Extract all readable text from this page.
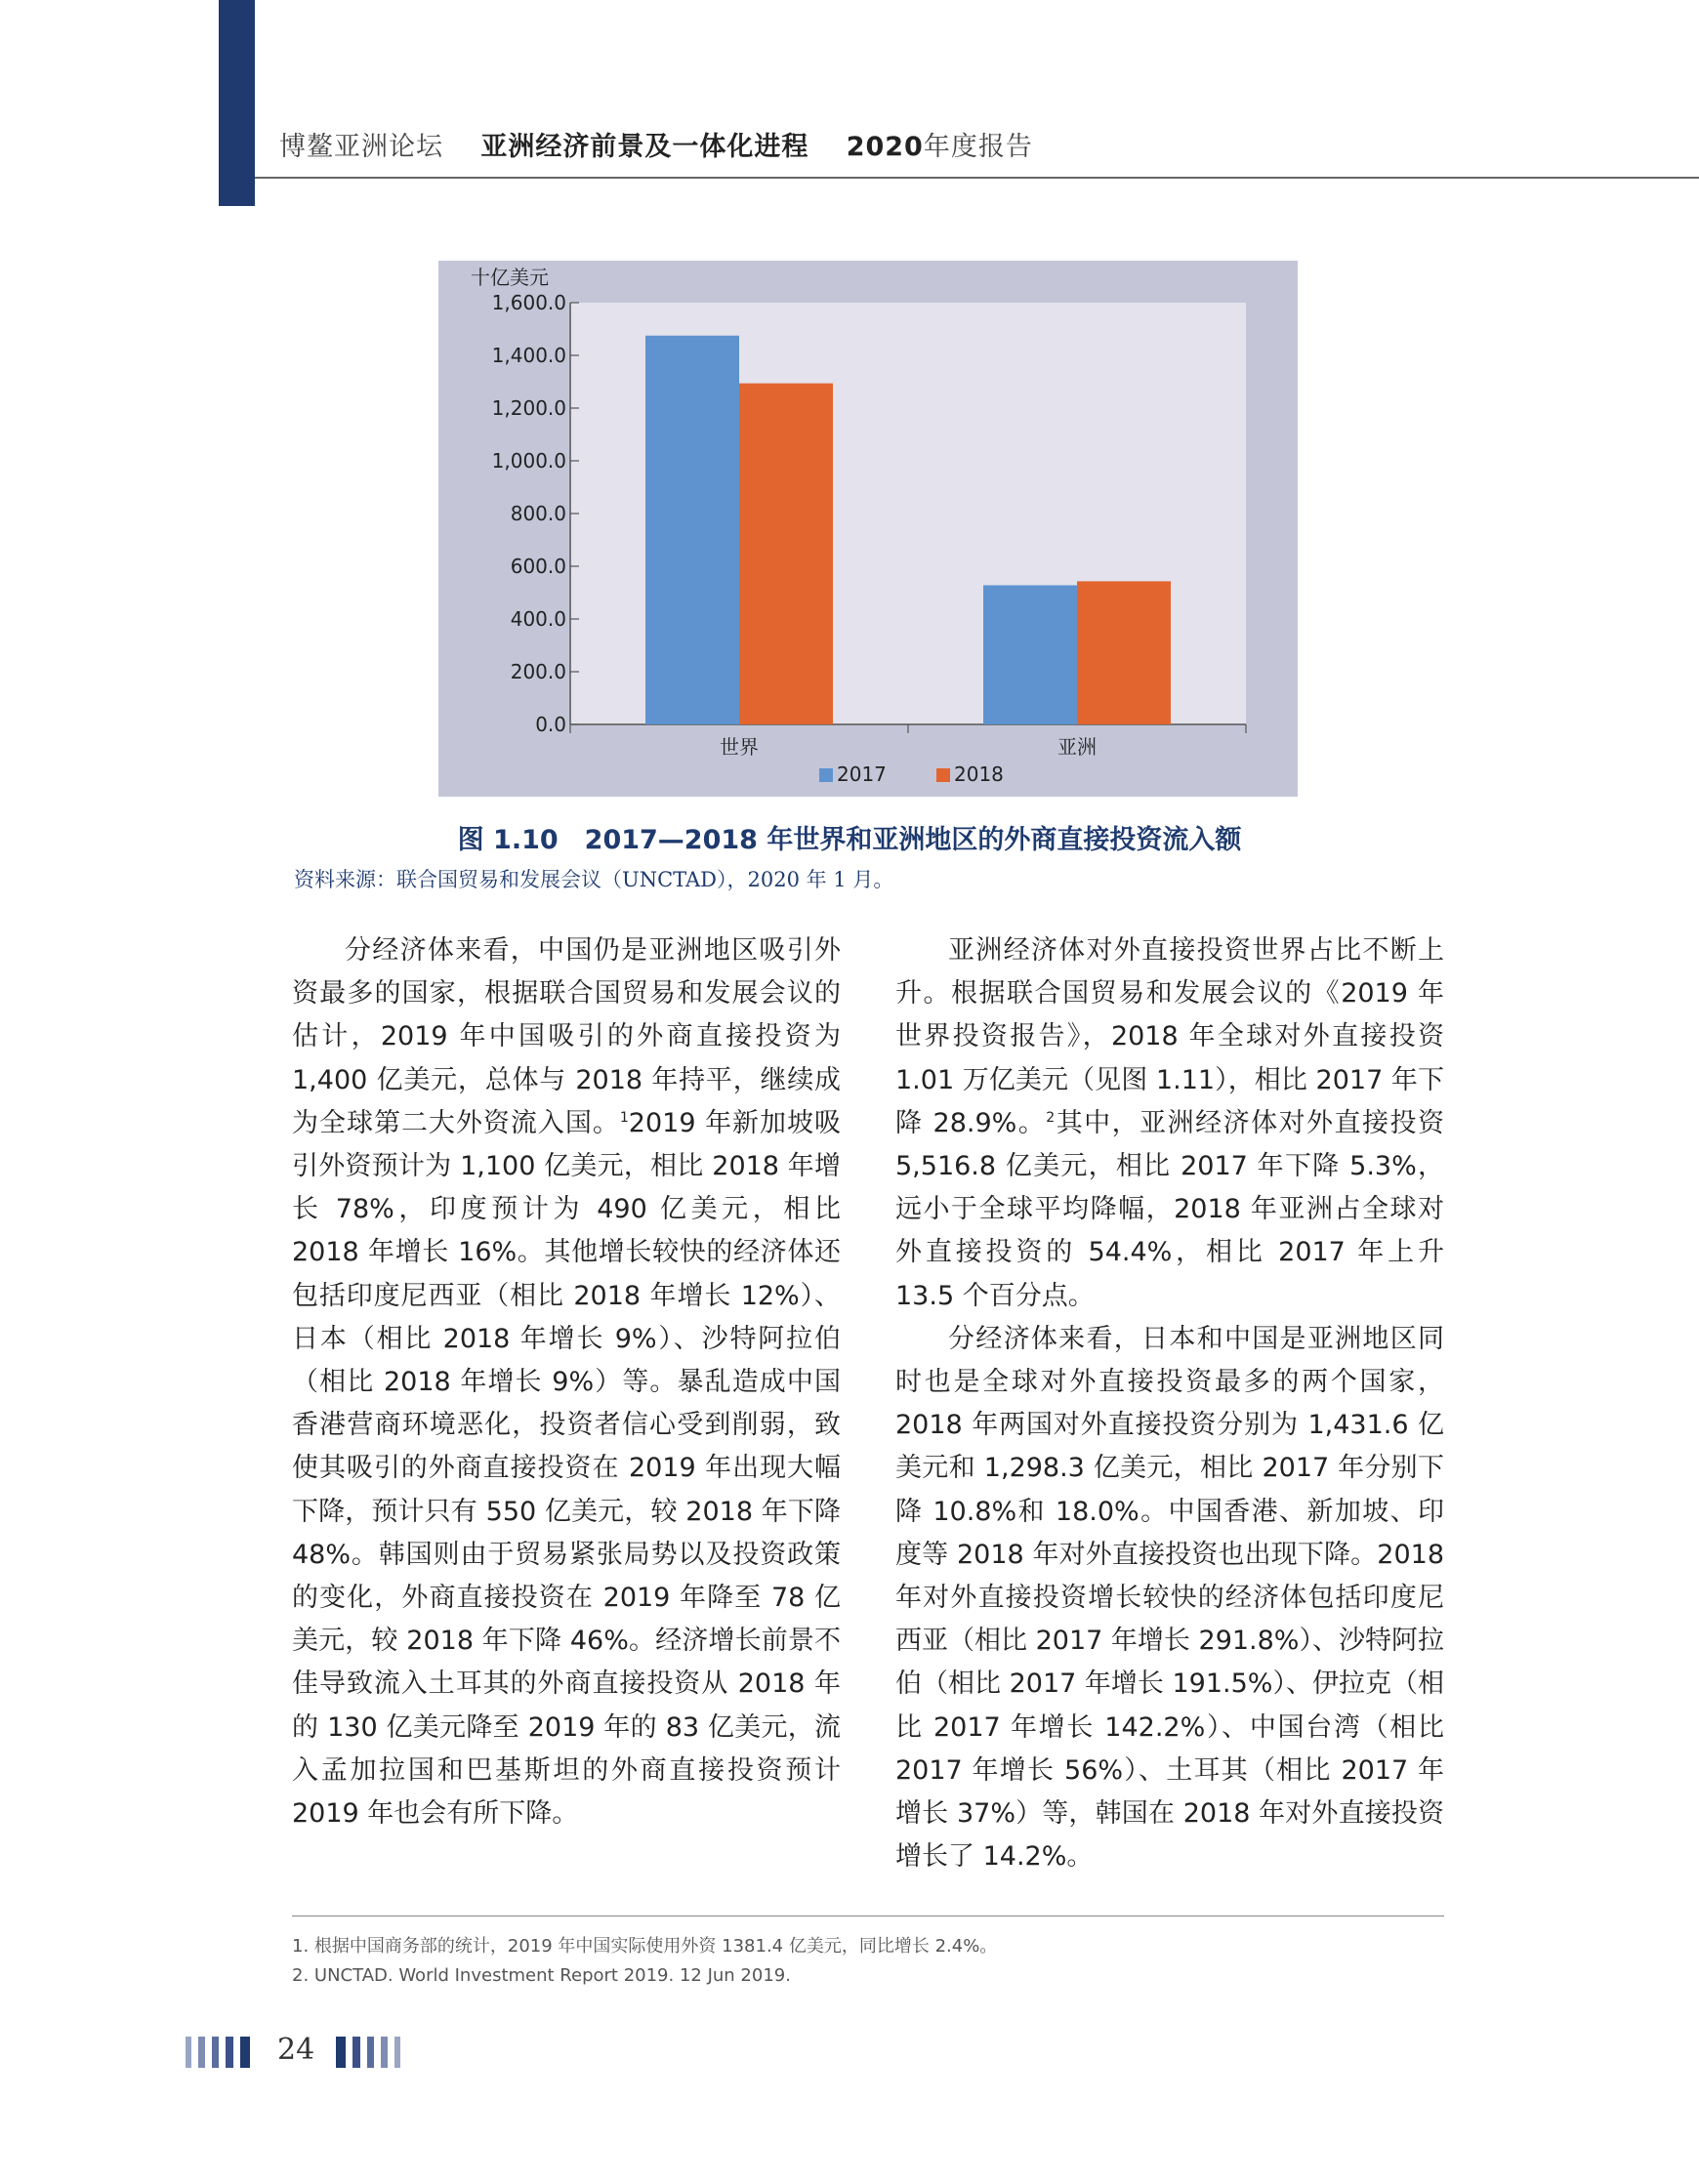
博鳌亚洲论坛 亚洲经济前景及一体化进程 2020年度报告
十亿美元
0.0
200.0
400.0
600.0
800.0
1,000.0
1,200.0
1,400.0
1,600.0
世界	亚洲
2017	2018
图 1.10　2017—2018 年世界和亚洲地区的外商直接投资流入额
资料来源：联合国贸易和发展会议（UNCTAD），2020 年 1 月。

分经济体来看，中国仍是亚洲地区吸引外资最多的国家，根据联合国贸易和发展会议的估计，2019 年中国吸引的外商直接投资为 1,400 亿美元，总体与 2018 年持平，继续成为全球第二大外资流入国。$^1$2019 年新加坡吸引外资预计为 1,100 亿美元，相比 2018 年增长 78%，印度预计为 490 亿美元，相比 2018 年增长 16%。其他增长较快的经济体还包括印度尼西亚（相比 2018 年增长 12%）、日本（相比 2018 年增长 9%）、沙特阿拉伯（相比 2018 年增长 9%）等。暴乱造成中国香港营商环境恶化，投资者信心受到削弱，致使其吸引的外商直接投资在 2019 年出现大幅下降，预计只有 550 亿美元，较 2018 年下降 48%。韩国则由于贸易紧张局势以及投资政策的变化，外商直接投资在 2019 年降至 78 亿美元，较 2018 年下降 46%。经济增长前景不佳导致流入土耳其的外商直接投资从 2018 年的 130 亿美元降至 2019 年的 83 亿美元，流入孟加拉国和巴基斯坦的外商直接投资预计 2019 年也会有所下降。

亚洲经济体对外直接投资世界占比不断上升。根据联合国贸易和发展会议的《2019 年世界投资报告》，2018 年全球对外直接投资 1.01 万亿美元（见图 1.11），相比 2017 年下降 28.9%。$^2$其中，亚洲经济体对外直接投资 5,516.8 亿美元，相比 2017 年下降 5.3%，远小于全球平均降幅，2018 年亚洲占全球对外直接投资的 54.4%，相比 2017 年上升 13.5 个百分点。

分经济体来看，日本和中国是亚洲地区同时也是全球对外直接投资最多的两个国家，2018 年两国对外直接投资分别为 1,431.6 亿美元和 1,298.3 亿美元，相比 2017 年分别下降 10.8%和 18.0%。中国香港、新加坡、印度等 2018 年对外直接投资也出现下降。2018 年对外直接投资增长较快的经济体包括印度尼西亚（相比 2017 年增长 291.8%）、沙特阿拉伯（相比 2017 年增长 191.5%）、伊拉克（相比 2017 年增长 142.2%）、中国台湾（相比 2017 年增长 56%）、土耳其（相比 2017 年增长 37%）等，韩国在 2018 年对外直接投资增长了 14.2%。

1. 根据中国商务部的统计，2019 年中国实际使用外资 1381.4 亿美元，同比增长 2.4%。
2. UNCTAD. World Investment Report 2019. 12 Jun 2019.
24
